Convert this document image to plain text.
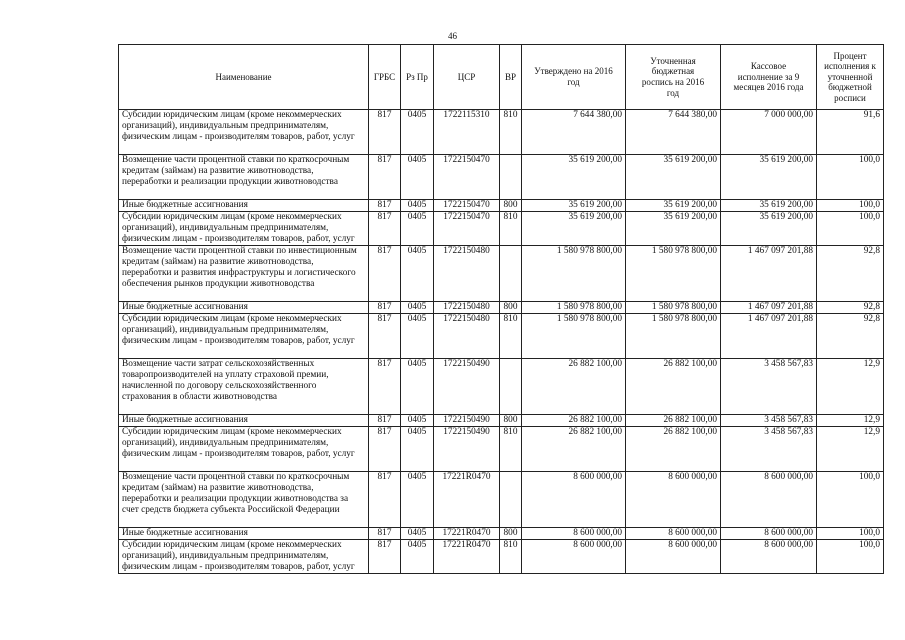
46
Наименование	ГРБС	Рз Пр	ЦСР	ВР	Утверждено на 2016 год	Уточненная бюджетная роспись на 2016 год	Кассовое исполнение за 9 месяцев 2016 года	Процент исполнения к уточненной бюджетной росписи
Субсидии юридическим лицам (кроме некоммерческих организаций), индивидуальным предпринимателям, физическим лицам - производителям товаров, работ, услуг	817	0405	1722115310	810	7 644 380,00	7 644 380,00	7 000 000,00	91,6
Возмещение части процентной ставки по краткосрочным кредитам (займам) на развитие животноводства, переработки и реализации продукции животноводства	817	0405	1722150470		35 619 200,00	35 619 200,00	35 619 200,00	100,0
Иные бюджетные ассигнования	817	0405	1722150470	800	35 619 200,00	35 619 200,00	35 619 200,00	100,0
Субсидии юридическим лицам (кроме некоммерческих организаций), индивидуальным предпринимателям, физическим лицам - производителям товаров, работ, услуг	817	0405	1722150470	810	35 619 200,00	35 619 200,00	35 619 200,00	100,0
Возмещение части процентной ставки по инвестиционным кредитам (займам) на развитие животноводства, переработки и развития инфраструктуры и логистического обеспечения рынков продукции животноводства	817	0405	1722150480		1 580 978 800,00	1 580 978 800,00	1 467 097 201,88	92,8
Иные бюджетные ассигнования	817	0405	1722150480	800	1 580 978 800,00	1 580 978 800,00	1 467 097 201,88	92,8
Субсидии юридическим лицам (кроме некоммерческих организаций), индивидуальным предпринимателям, физическим лицам - производителям товаров, работ, услуг	817	0405	1722150480	810	1 580 978 800,00	1 580 978 800,00	1 467 097 201,88	92,8
Возмещение части затрат сельскохозяйственных товаропроизводителей на уплату страховой премии, начисленной по договору сельскохозяйственного страхования в области животноводства	817	0405	1722150490		26 882 100,00	26 882 100,00	3 458 567,83	12,9
Иные бюджетные ассигнования	817	0405	1722150490	800	26 882 100,00	26 882 100,00	3 458 567,83	12,9
Субсидии юридическим лицам (кроме некоммерческих организаций), индивидуальным предпринимателям, физическим лицам - производителям товаров, работ, услуг	817	0405	1722150490	810	26 882 100,00	26 882 100,00	3 458 567,83	12,9
Возмещение части процентной ставки по краткосрочным кредитам (займам) на развитие животноводства, переработки и реализации продукции животноводства за счет средств бюджета субъекта Российской Федерации	817	0405	17221R0470		8 600 000,00	8 600 000,00	8 600 000,00	100,0
Иные бюджетные ассигнования	817	0405	17221R0470	800	8 600 000,00	8 600 000,00	8 600 000,00	100,0
Субсидии юридическим лицам (кроме некоммерческих организаций), индивидуальным предпринимателям, физическим лицам - производителям товаров, работ, услуг	817	0405	17221R0470	810	8 600 000,00	8 600 000,00	8 600 000,00	100,0
